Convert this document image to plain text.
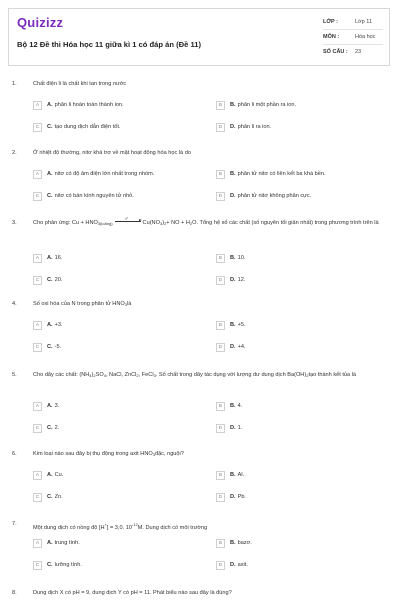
Quizizz
Bộ 12 Đề thi Hóa học 11 giữa kì 1 có đáp án (Đề 11)
LỚP :	Lớp 11
MÔN :	Hóa học
SỐ CÂU :	23
1.	Chất điện li là chất khi tan trong nước
A	A. phân li hoàn toàn thành ion.	B	B. phân li một phần ra ion.
C	C. tạo dung dịch dẫn điện tốt.	D	D. phân li ra ion.
2.	Ở nhiệt độ thường, nitơ khá trơ về mặt hoạt động hóa học là do
A	A. nitơ có độ âm điện lớn nhất trong nhóm.	B	B. phân tử nitơ có liên kết ba khá bền.
C	C. nitơ có bán kính nguyên tử nhỏ.	D	D. phân tử nitơ không phân cực.
3.	Cho phản ứng: $Cu + HNO_{3(loãng)}$
t°
$Cu(NO_3)_2+$ NO + $H_2O$. Tổng hệ số các chất (số nguyên tối giản nhất) trong phương trình trên là
A	A. 16.	B	B. 10.
C	C. 20.	D	D. 12.
4.	Số oxi hóa của N trong phân tử $HNO_3là$
A	A. +3.	B	B. +5.
C	C. -5.	D	D. +4.
5.	Cho dãy các chất: $(NH_4)_2SO_4$, NaCl, ZnCl$_2$, FeCl$_3$. Số chất trong dãy tác dụng với lượng dư dung dịch $Ba(OH)_2tạo$ thành kết tủa là
A	A. 3.	B	B. 4.
C	C. 2.	D	D. 1.
6.	Kim loại nào sau đây bị thụ động trong axit $HNO_3đặc$, nguội?
A	A. Cu.	B	B. Al.
C	C. Zn.	D	D. Pb.
7.
Một dung dịch có nồng độ [H+] = 3,0. $10^{-12}M$. Dung dịch có môi trường
A	A. trung tính.	B	B. bazơ.
C	C. lưỡng tính.	D	D. axit.
8.	Dung dịch X có pH = 9, dung dịch Y có pH = 11. Phát biểu nào sau đây là đúng?
